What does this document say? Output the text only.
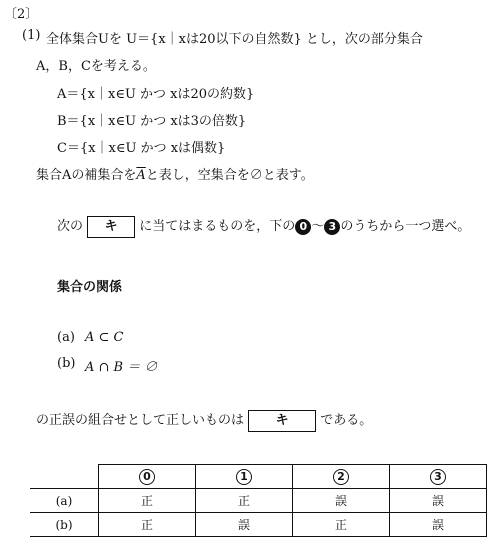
〔2〕
(1) 全体集合Uを U＝{x｜xは20以下の自然数} とし，次の部分集合
A，B，Cを考える。
A＝{x｜x∈U かつ xは20の約数}
B＝{x｜x∈U かつ xは3の倍数}
C＝{x｜x∈U かつ xは偶数}
集合Aの補集合を$\overline{A}$と表し，空集合を∅と表す。
次の キ に当てはまるものを，下の 0 ～ 3 のうちから一つ選べ。
集合の関係
(a) A ⊂ C
(b) A ∩ B ＝ ∅
の正誤の組合せとして正しいものは キ である。
	0	1	2	3
(a)	正	正	誤	誤
(b)	正	誤	正	誤
